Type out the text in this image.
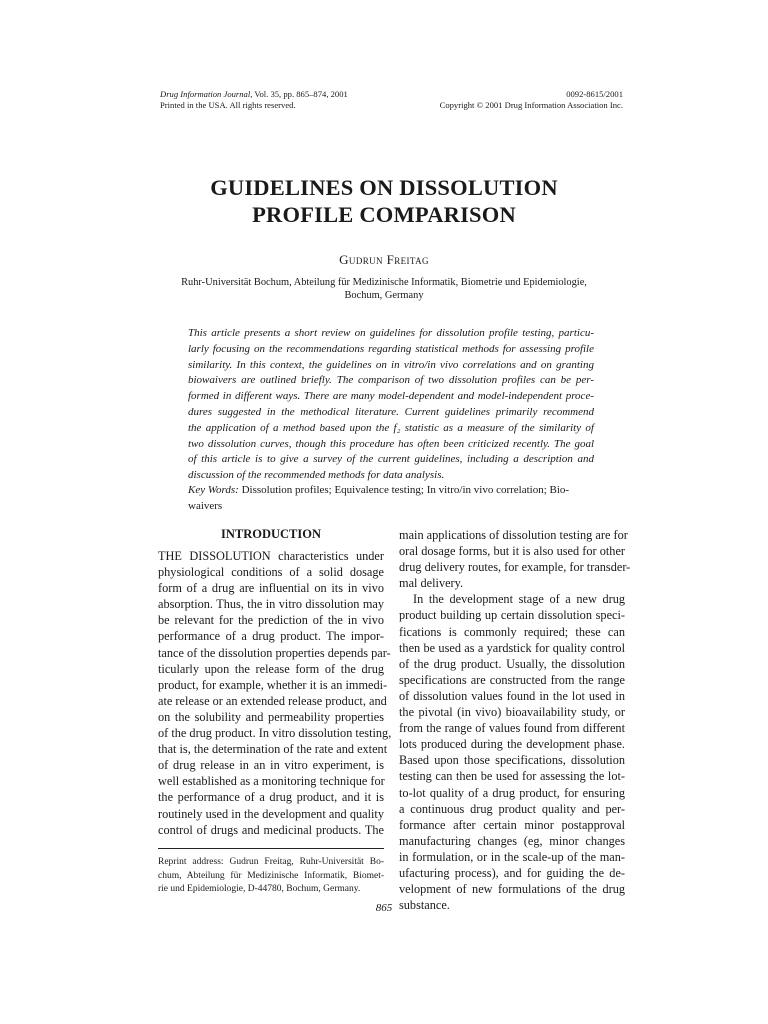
Drug Information Journal, Vol. 35, pp. 865–874, 2001
Printed in the USA. All rights reserved.
0092-8615/2001
Copyright © 2001 Drug Information Association Inc.
GUIDELINES ON DISSOLUTION
PROFILE COMPARISON
Gudrun Freitag
Ruhr-Universität Bochum, Abteilung für Medizinische Informatik, Biometrie und Epidemiologie,
Bochum, Germany
This article presents a short review on guidelines for dissolution profile testing, particu-
larly focusing on the recommendations regarding statistical methods for assessing profile
similarity. In this context, the guidelines on in vitro/in vivo correlations and on granting
biowaivers are outlined briefly. The comparison of two dissolution profiles can be per-
formed in different ways. There are many model-dependent and model-independent proce-
dures suggested in the methodical literature. Current guidelines primarily recommend
the application of a method based upon the f₂ statistic as a measure of the similarity of
two dissolution curves, though this procedure has often been criticized recently. The goal
of this article is to give a survey of the current guidelines, including a description and
discussion of the recommended methods for data analysis.
Key Words: Dissolution profiles; Equivalence testing; In vitro/in vivo correlation; Bio-
waivers
INTRODUCTION
THE DISSOLUTION characteristics under
physiological conditions of a solid dosage
form of a drug are influential on its in vivo
absorption. Thus, the in vitro dissolution may
be relevant for the prediction of the in vivo
performance of a drug product. The impor-
tance of the dissolution properties depends par-
ticularly upon the release form of the drug
product, for example, whether it is an immedi-
ate release or an extended release product, and
on the solubility and permeability properties
of the drug product. In vitro dissolution testing,
that is, the determination of the rate and extent
of drug release in an in vitro experiment, is
well established as a monitoring technique for
the performance of a drug product, and it is
routinely used in the development and quality
control of drugs and medicinal products. The
main applications of dissolution testing are for
oral dosage forms, but it is also used for other
drug delivery routes, for example, for transder-
mal delivery.
In the development stage of a new drug
product building up certain dissolution speci-
fications is commonly required; these can
then be used as a yardstick for quality control
of the drug product. Usually, the dissolution
specifications are constructed from the range
of dissolution values found in the lot used in
the pivotal (in vivo) bioavailability study, or
from the range of values found from different
lots produced during the development phase.
Based upon those specifications, dissolution
testing can then be used for assessing the lot-
to-lot quality of a drug product, for ensuring
a continuous drug product quality and per-
formance after certain minor postapproval
manufacturing changes (eg, minor changes
in formulation, or in the scale-up of the man-
ufacturing process), and for guiding the de-
velopment of new formulations of the drug
substance.
Reprint address: Gudrun Freitag, Ruhr-Universität Bo-
chum, Abteilung für Medizinische Informatik, Biomet-
rie und Epidemiologie, D-44780, Bochum, Germany.
865
